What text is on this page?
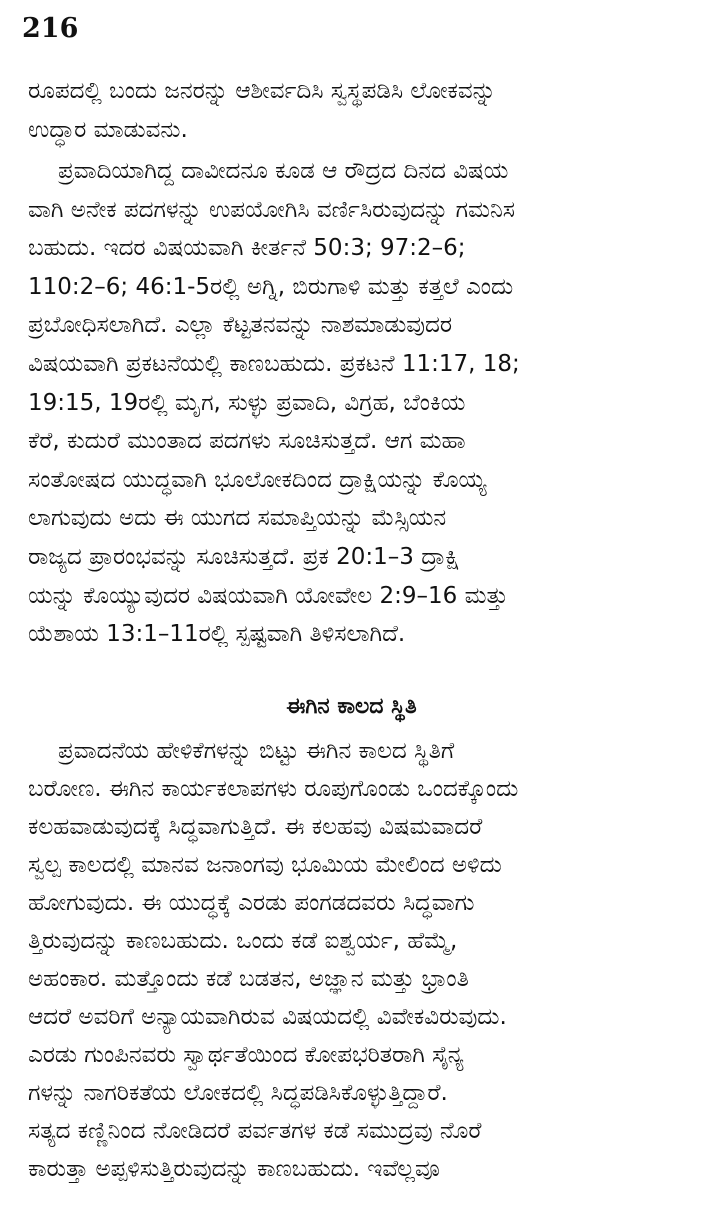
216
ರೂಪದಲ್ಲಿ ಬಂದು ಜನರನ್ನು ಆಶೀರ್ವದಿಸಿ ಸ್ವಸ್ಥಪಡಿಸಿ ಲೋಕವನ್ನು
ಉದ್ಧಾರ ಮಾಡುವನು.
ಪ್ರವಾದಿಯಾಗಿದ್ದ ದಾವೀದನೂ ಕೂಡ ಆ ರೌದ್ರದ ದಿನದ ವಿಷಯ
ವಾಗಿ ಅನೇಕ ಪದಗಳನ್ನು ಉಪಯೋಗಿಸಿ ವರ್ಣಿಸಿರುವುದನ್ನು ಗಮನಿಸ
ಬಹುದು. ಇದರ ವಿಷಯವಾಗಿ ಕೀರ್ತನೆ 50:3; 97:2–6;
110:2–6; 46:1-5ರಲ್ಲಿ ಅಗ್ನಿ, ಬಿರುಗಾಳಿ ಮತ್ತು ಕತ್ತಲೆ ಎಂದು
ಪ್ರಬೋಧಿಸಲಾಗಿದೆ. ಎಲ್ಲಾ ಕೆಟ್ಟತನವನ್ನು ನಾಶಮಾಡುವುದರ
ವಿಷಯವಾಗಿ ಪ್ರಕಟನೆಯಲ್ಲಿ ಕಾಣಬಹುದು. ಪ್ರಕಟನೆ 11:17, 18;
19:15, 19ರಲ್ಲಿ ಮೃಗ, ಸುಳ್ಳು ಪ್ರವಾದಿ, ವಿಗ್ರಹ, ಬೆಂಕಿಯ
ಕೆರೆ, ಕುದುರೆ ಮುಂತಾದ ಪದಗಳು ಸೂಚಿಸುತ್ತದೆ. ಆಗ ಮಹಾ
ಸಂತೋಷದ ಯುದ್ಧವಾಗಿ ಭೂಲೋಕದಿಂದ ದ್ರಾಕ್ಷಿಯನ್ನು ಕೊಯ್ಯ
ಲಾಗುವುದು ಅದು ಈ ಯುಗದ ಸಮಾಪ್ತಿಯನ್ನು ಮೆಸ್ಸಿಯನ
ರಾಜ್ಯದ ಪ್ರಾರಂಭವನ್ನು ಸೂಚಿಸುತ್ತದೆ. ಪ್ರಕ 20:1–3 ದ್ರಾಕ್ಷಿ
ಯನ್ನು ಕೊಯ್ಯುವುದರ ವಿಷಯವಾಗಿ ಯೋವೇಲ 2:9–16 ಮತ್ತು
ಯೆಶಾಯ 13:1–11ರಲ್ಲಿ ಸ್ಪಷ್ಟವಾಗಿ ತಿಳಿಸಲಾಗಿದೆ.
ಈಗಿನ ಕಾಲದ ಸ್ಥಿತಿ
ಪ್ರವಾದನೆಯ ಹೇಳಿಕೆಗಳನ್ನು ಬಿಟ್ಟು ಈಗಿನ ಕಾಲದ ಸ್ಥಿತಿಗೆ
ಬರೋಣ. ಈಗಿನ ಕಾರ್ಯಕಲಾಪಗಳು ರೂಪುಗೊಂಡು ಒಂದಕ್ಕೊಂದು
ಕಲಹವಾಡುವುದಕ್ಕೆ ಸಿದ್ಧವಾಗುತ್ತಿದೆ. ಈ ಕಲಹವು ವಿಷಮವಾದರೆ
ಸ್ವಲ್ಪ ಕಾಲದಲ್ಲಿ ಮಾನವ ಜನಾಂಗವು ಭೂಮಿಯ ಮೇಲಿಂದ ಅಳಿದು
ಹೋಗುವುದು. ಈ ಯುದ್ಧಕ್ಕೆ ಎರಡು ಪಂಗಡದವರು ಸಿದ್ಧವಾಗು
ತ್ತಿರುವುದನ್ನು ಕಾಣಬಹುದು. ಒಂದು ಕಡೆ ಐಶ್ವರ್ಯ, ಹೆಮ್ಮೆ,
ಅಹಂಕಾರ. ಮತ್ತೊಂದು ಕಡೆ ಬಡತನ, ಅಜ್ಞಾನ ಮತ್ತು ಭ್ರಾಂತಿ
ಆದರೆ ಅವರಿಗೆ ಅನ್ಯಾಯವಾಗಿರುವ ವಿಷಯದಲ್ಲಿ ವಿವೇಕವಿರುವುದು.
ಎರಡು ಗುಂಪಿನವರು ಸ್ವಾರ್ಥತೆಯಿಂದ ಕೋಪಭರಿತರಾಗಿ ಸೈನ್ಯ
ಗಳನ್ನು ನಾಗರಿಕತೆಯ ಲೋಕದಲ್ಲಿ ಸಿದ್ಧಪಡಿಸಿಕೊಳ್ಳುತ್ತಿದ್ದಾರೆ.
ಸತ್ಯದ ಕಣ್ಣಿನಿಂದ ನೋಡಿದರೆ ಪರ್ವತಗಳ ಕಡೆ ಸಮುದ್ರವು ನೊರೆ
ಕಾರುತ್ತಾ ಅಪ್ಪಳಿಸುತ್ತಿರುವುದನ್ನು ಕಾಣಬಹುದು. ಇವೆಲ್ಲವೂ
